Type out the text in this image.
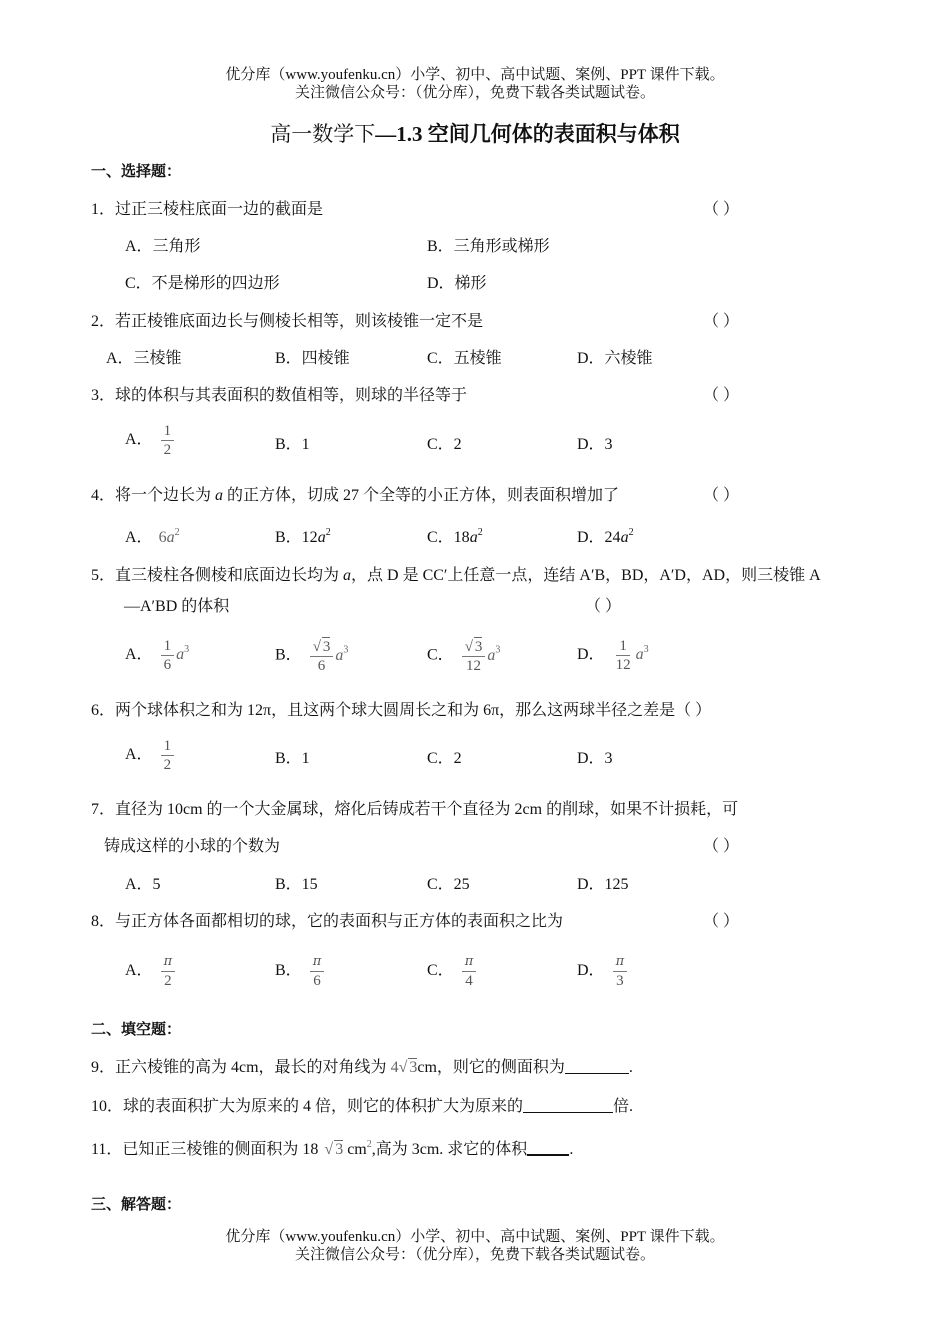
优分库（www.youfenku.cn）小学、初中、高中试题、案例、PPT 课件下载。
关注微信公众号：（优分库），免费下载各类试题试卷。
高一数学下—1.3 空间几何体的表面积与体积
一、选择题：
1．过正三棱柱底面一边的截面是	（ ）
A．三角形	B．三角形或梯形
C．不是梯形的四边形	D．梯形
2．若正棱锥底面边长与侧棱长相等，则该棱锥一定不是	（ ）
A．三棱锥	B．四棱锥	C．五棱锥	D．六棱锥
3．球的体积与其表面积的数值相等，则球的半径等于	（ ）
A． $\frac{1}{2}$	B．1	C．2	D．3
4．将一个边长为 a 的正方体，切成 27 个全等的小正方体，则表面积增加了	（ ）
A． $6a^2$	B．$12a^2$	C．$18a^2$	D．$24a^2$
5．直三棱柱各侧棱和底面边长均为 a，点 D 是 CC′上任意一点，连结 A′B，BD，A′D，AD，则三棱锥 A
—A′BD 的体积	（ ）
A． $\frac{1}{6} a^3$	B． $\frac{√ 3}{6} a^3$	C． $\frac{√ 3}{12} a^3$	D． $\frac{1}{12} a^3$
6．两个球体积之和为 12π，且这两个球大圆周长之和为 6π，那么这两球半径之差是（ ）
A． $\frac{1}{2}$	B．1	C．2	D．3
7．直径为 10cm 的一个大金属球，熔化后铸成若干个直径为 2cm 的削球，如果不计损耗，可
铸成这样的小球的个数为	（ ）
A．5	B．15	C．25	D．125
8．与正方体各面都相切的球，它的表面积与正方体的表面积之比为	（ ）
A． $\frac{\pi}{2}$	B． $\frac{\pi}{6}$	C． $\frac{\pi}{4}$	D． $\frac{\pi}{3}$
二、填空题：
9．正六棱锥的高为 4cm，最长的对角线为 4√ 3cm，则它的侧面积为	.
10．球的表面积扩大为原来的 4 倍，则它的体积扩大为原来的	倍.
11．已知正三棱锥的侧面积为 18 √ 3 $cm^2$,高为 3cm. 求它的体积	.
三、解答题：
优分库（www.youfenku.cn）小学、初中、高中试题、案例、PPT 课件下载。
关注微信公众号：（优分库），免费下载各类试题试卷。
